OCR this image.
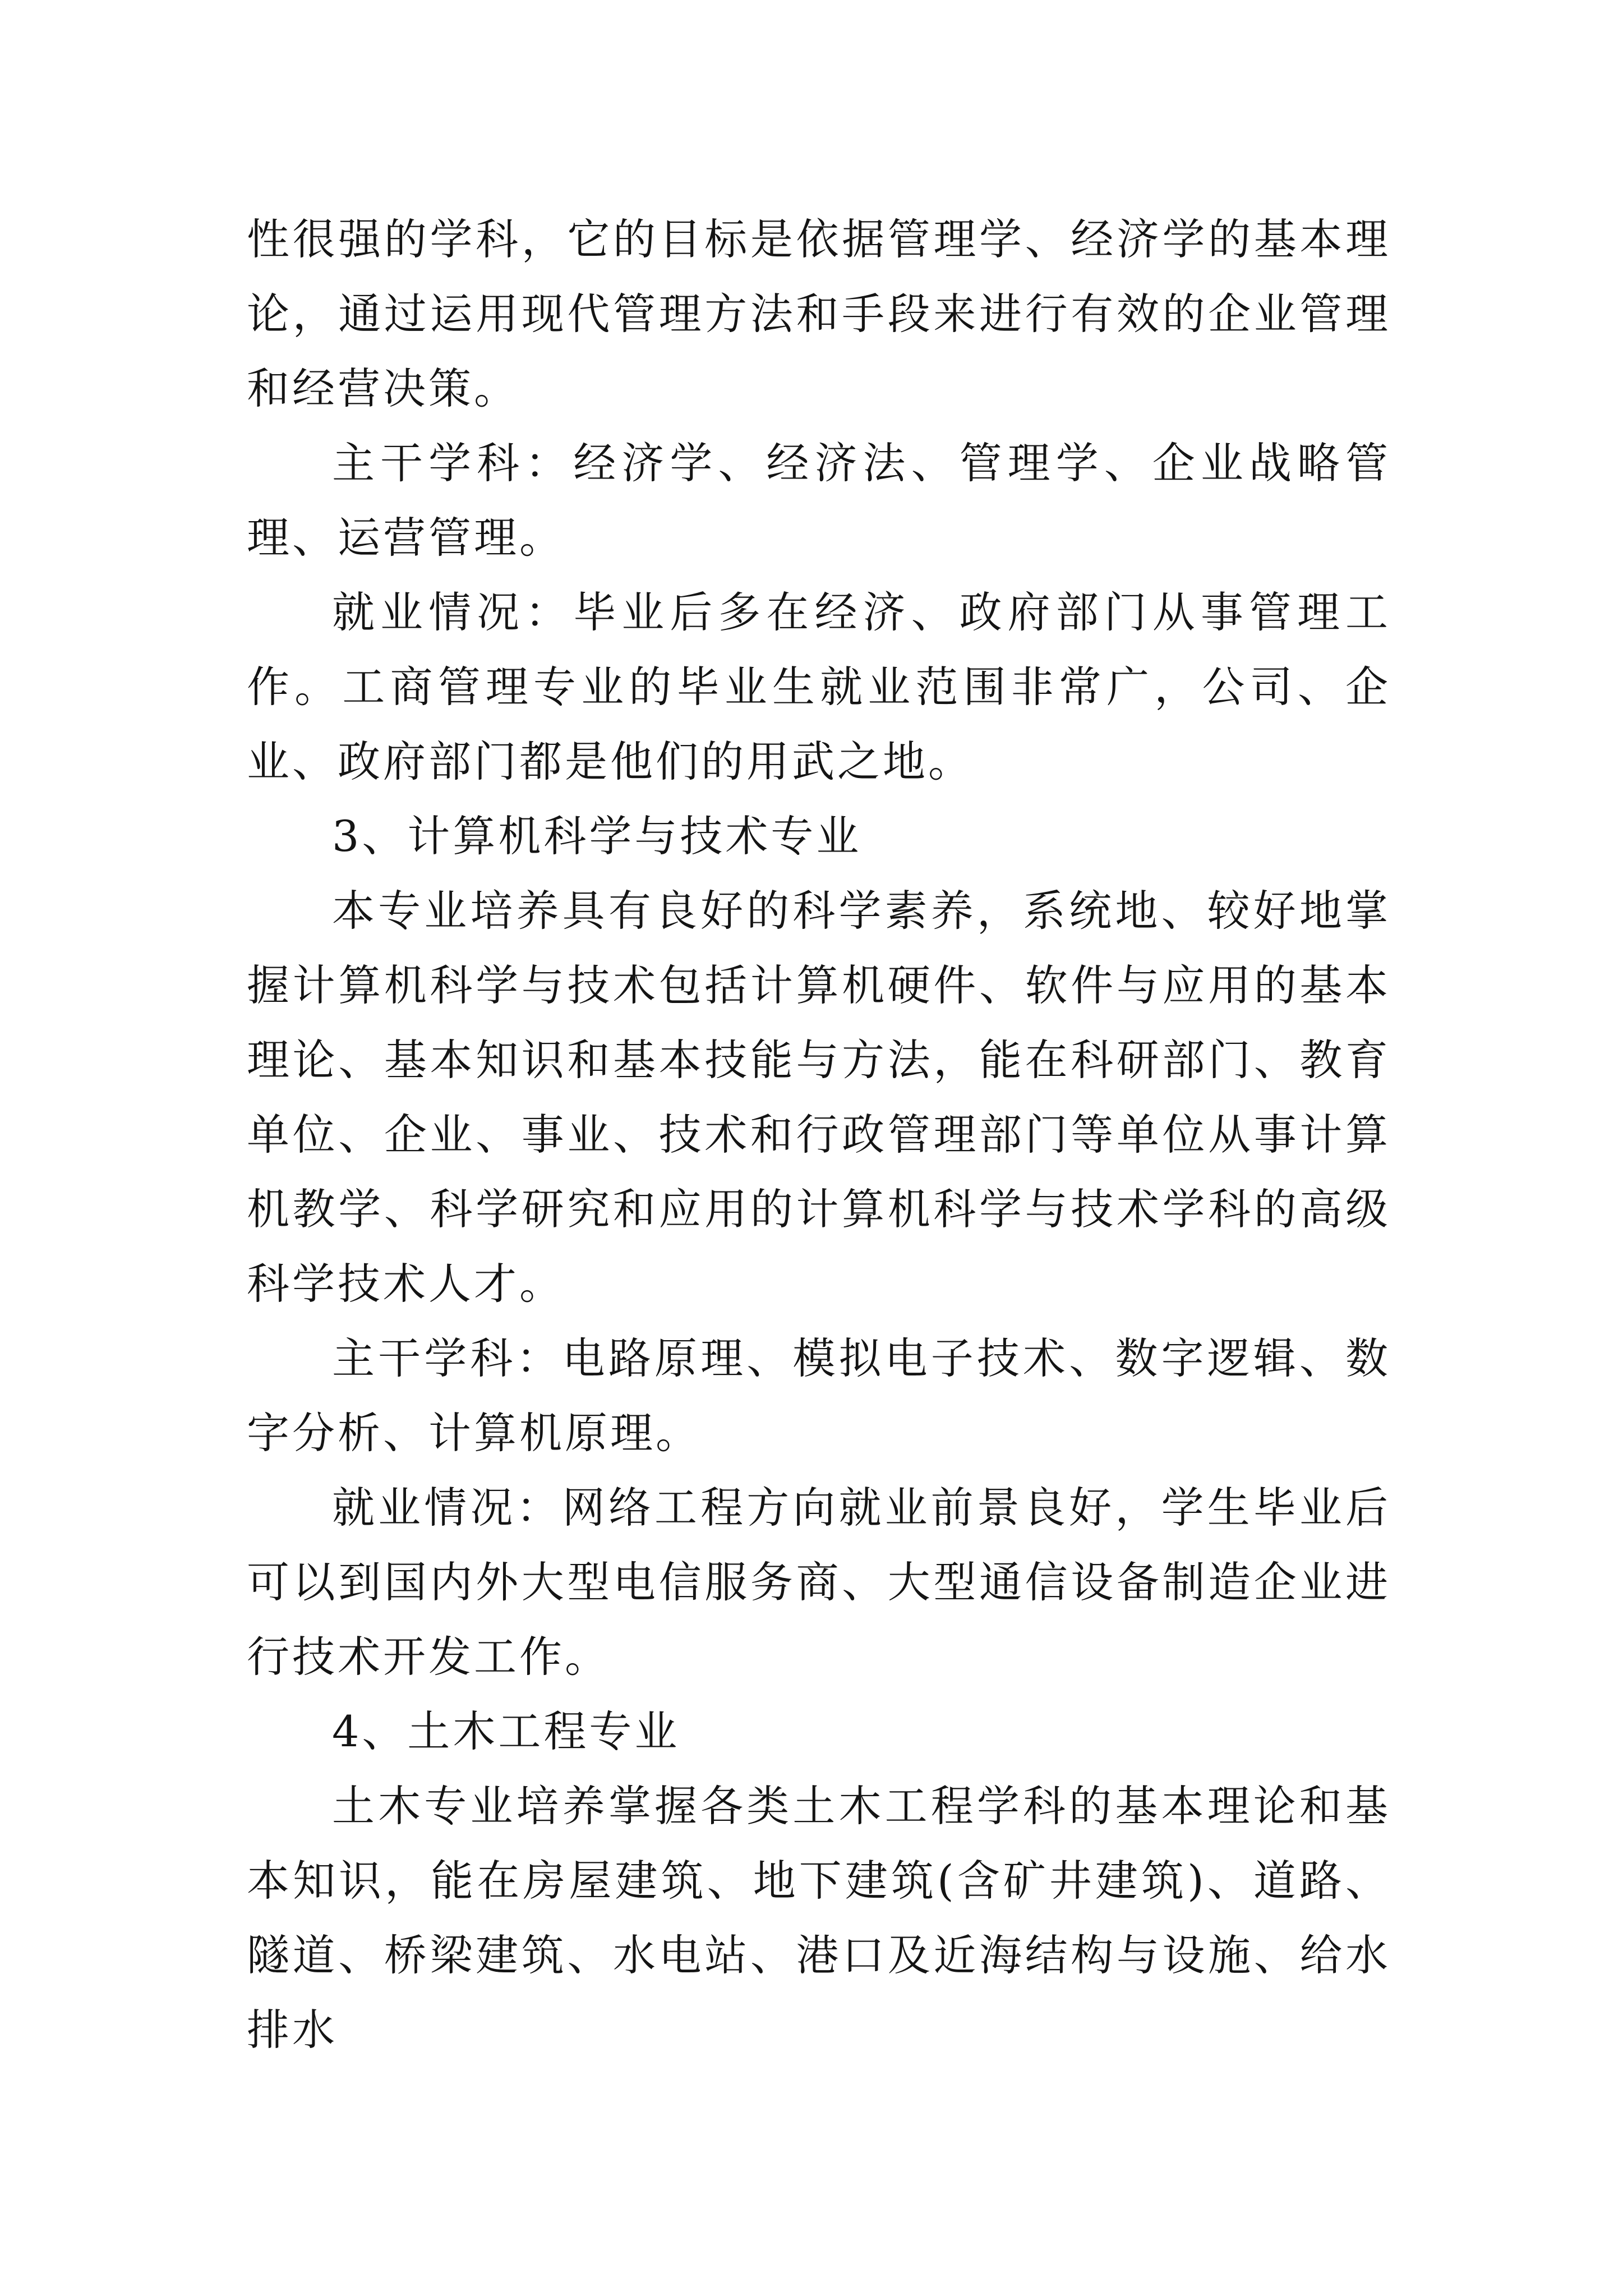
性很强的学科，它的目标是依据管理学、经济学的基本理论，通过运用现代管理方法和手段来进行有效的企业管理和经营决策。

主干学科：经济学、经济法、管理学、企业战略管理、运营管理。

就业情况：毕业后多在经济、政府部门从事管理工作。工商管理专业的毕业生就业范围非常广，公司、企业、政府部门都是他们的用武之地。

3、计算机科学与技术专业

本专业培养具有良好的科学素养，系统地、较好地掌握计算机科学与技术包括计算机硬件、软件与应用的基本理论、基本知识和基本技能与方法，能在科研部门、教育单位、企业、事业、技术和行政管理部门等单位从事计算机教学、科学研究和应用的计算机科学与技术学科的高级科学技术人才。

主干学科：电路原理、模拟电子技术、数字逻辑、数字分析、计算机原理。

就业情况：网络工程方向就业前景良好，学生毕业后可以到国内外大型电信服务商、大型通信设备制造企业进行技术开发工作。

4、土木工程专业

土木专业培养掌握各类土木工程学科的基本理论和基本知识，能在房屋建筑、地下建筑(含矿井建筑)、道路、隧道、桥梁建筑、水电站、港口及近海结构与设施、给水排水
